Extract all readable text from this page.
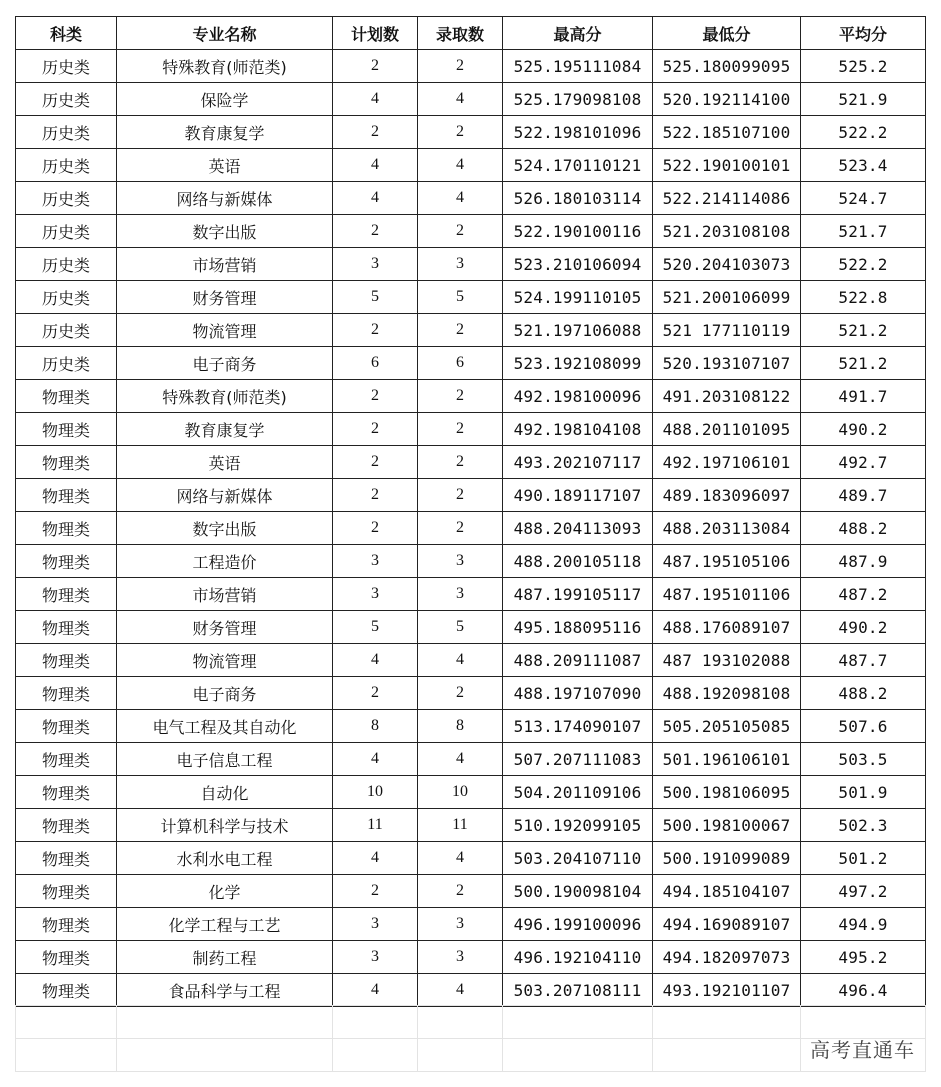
科类	专业名称	计划数	录取数	最高分	最低分	平均分
历史类	特殊教育(师范类)	2	2	525.195111084	525.180099095	525.2
历史类	保险学	4	4	525.179098108	520.192114100	521.9
历史类	教育康复学	2	2	522.198101096	522.185107100	522.2
历史类	英语	4	4	524.170110121	522.190100101	523.4
历史类	网络与新媒体	4	4	526.180103114	522.214114086	524.7
历史类	数字出版	2	2	522.190100116	521.203108108	521.7
历史类	市场营销	3	3	523.210106094	520.204103073	522.2
历史类	财务管理	5	5	524.199110105	521.200106099	522.8
历史类	物流管理	2	2	521.197106088	521 177110119	521.2
历史类	电子商务	6	6	523.192108099	520.193107107	521.2
物理类	特殊教育(师范类)	2	2	492.198100096	491.203108122	491.7
物理类	教育康复学	2	2	492.198104108	488.201101095	490.2
物理类	英语	2	2	493.202107117	492.197106101	492.7
物理类	网络与新媒体	2	2	490.189117107	489.183096097	489.7
物理类	数字出版	2	2	488.204113093	488.203113084	488.2
物理类	工程造价	3	3	488.200105118	487.195105106	487.9
物理类	市场营销	3	3	487.199105117	487.195101106	487.2
物理类	财务管理	5	5	495.188095116	488.176089107	490.2
物理类	物流管理	4	4	488.209111087	487 193102088	487.7
物理类	电子商务	2	2	488.197107090	488.192098108	488.2
物理类	电气工程及其自动化	8	8	513.174090107	505.205105085	507.6
物理类	电子信息工程	4	4	507.207111083	501.196106101	503.5
物理类	自动化	10	10	504.201109106	500.198106095	501.9
物理类	计算机科学与技术	11	11	510.192099105	500.198100067	502.3
物理类	水利水电工程	4	4	503.204107110	500.191099089	501.2
物理类	化学	2	2	500.190098104	494.185104107	497.2
物理类	化学工程与工艺	3	3	496.199100096	494.169089107	494.9
物理类	制药工程	3	3	496.192104110	494.182097073	495.2
物理类	食品科学与工程	4	4	503.207108111	493.192101107	496.4

高考直通车
